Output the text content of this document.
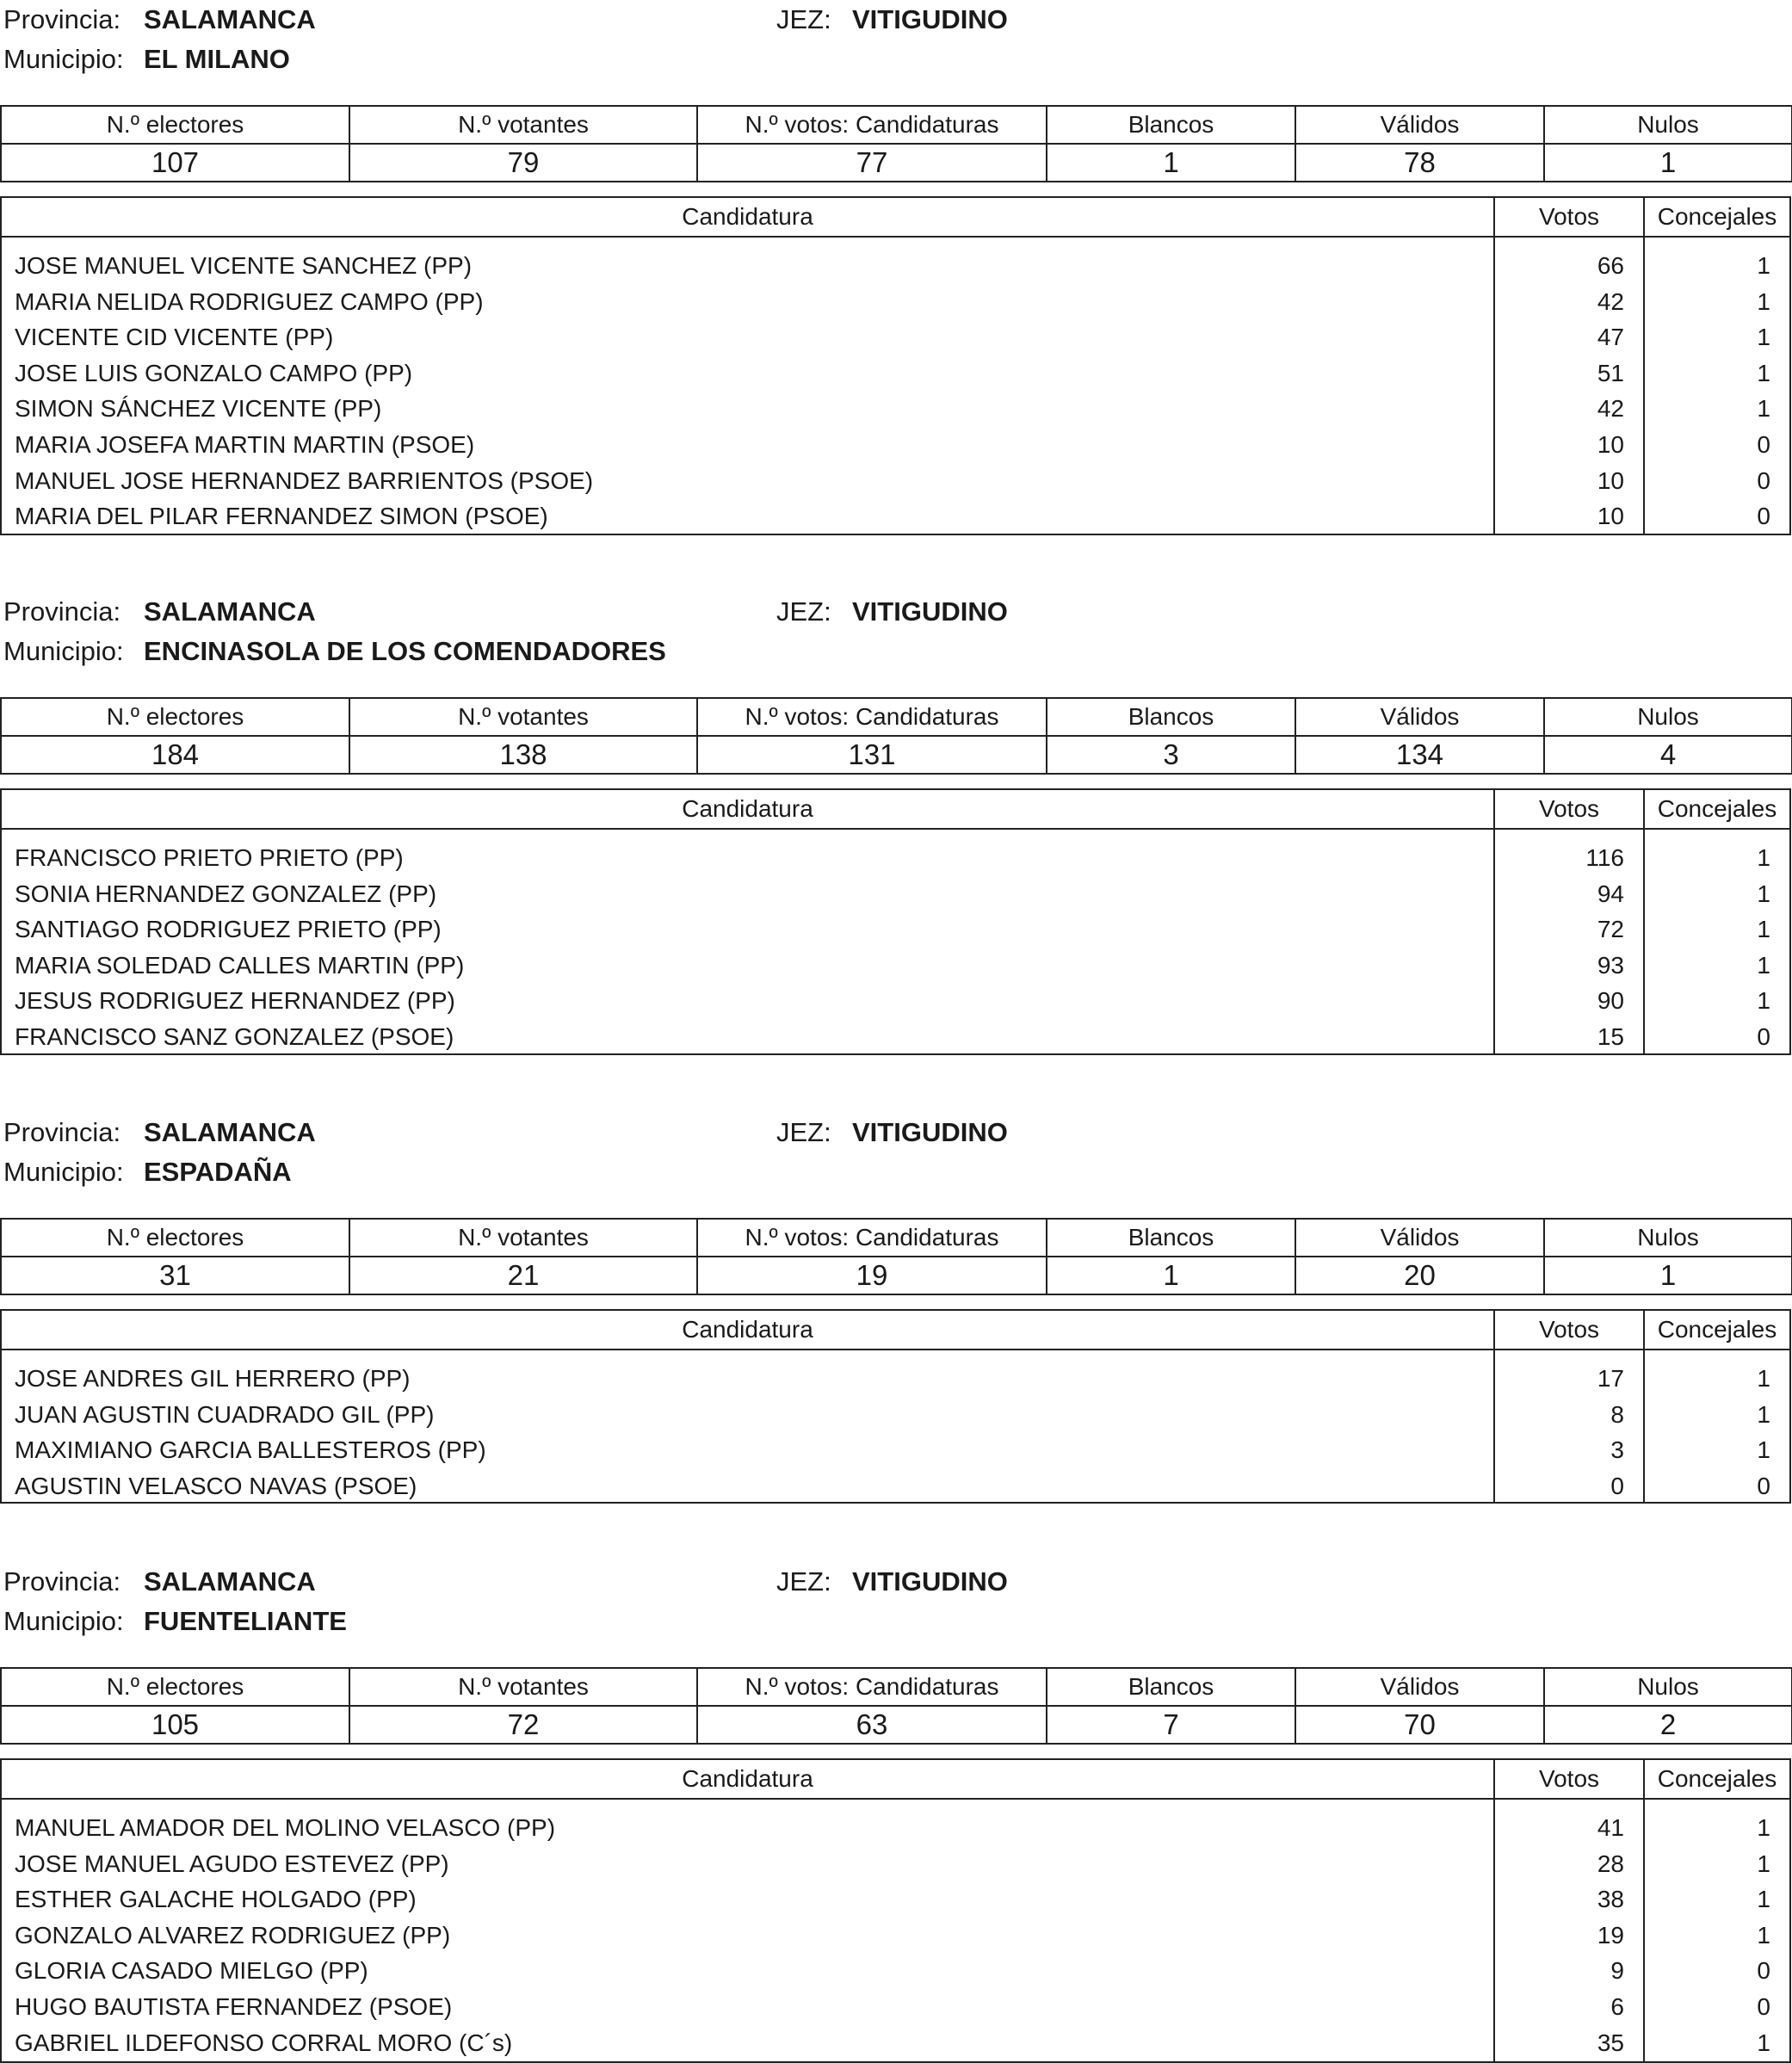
Provincia: SALAMANCA	JEZ: VITIGUDINO
Municipio: EL MILANO
N.º electores	N.º votantes	N.º votos: Candidaturas	Blancos	Válidos	Nulos
107	79	77	1	78	1
Candidatura	Votos	Concejales
JOSE MANUEL VICENTE SANCHEZ (PP)	66	1
MARIA NELIDA RODRIGUEZ CAMPO (PP)	42	1
VICENTE CID VICENTE (PP)	47	1
JOSE LUIS GONZALO CAMPO (PP)	51	1
SIMON SÁNCHEZ VICENTE (PP)	42	1
MARIA JOSEFA MARTIN MARTIN (PSOE)	10	0
MANUEL JOSE HERNANDEZ BARRIENTOS (PSOE)	10	0
MARIA DEL PILAR FERNANDEZ SIMON (PSOE)	10	0
Provincia: SALAMANCA	JEZ: VITIGUDINO
Municipio: ENCINASOLA DE LOS COMENDADORES
N.º electores	N.º votantes	N.º votos: Candidaturas	Blancos	Válidos	Nulos
184	138	131	3	134	4
Candidatura	Votos	Concejales
FRANCISCO PRIETO PRIETO (PP)	116	1
SONIA HERNANDEZ GONZALEZ (PP)	94	1
SANTIAGO RODRIGUEZ PRIETO (PP)	72	1
MARIA SOLEDAD CALLES MARTIN (PP)	93	1
JESUS RODRIGUEZ HERNANDEZ (PP)	90	1
FRANCISCO SANZ GONZALEZ (PSOE)	15	0
Provincia: SALAMANCA	JEZ: VITIGUDINO
Municipio: ESPADAÑA
N.º electores	N.º votantes	N.º votos: Candidaturas	Blancos	Válidos	Nulos
31	21	19	1	20	1
Candidatura	Votos	Concejales
JOSE ANDRES GIL HERRERO (PP)	17	1
JUAN AGUSTIN CUADRADO GIL (PP)	8	1
MAXIMIANO GARCIA BALLESTEROS (PP)	3	1
AGUSTIN VELASCO NAVAS (PSOE)	0	0
Provincia: SALAMANCA	JEZ: VITIGUDINO
Municipio: FUENTELIANTE
N.º electores	N.º votantes	N.º votos: Candidaturas	Blancos	Válidos	Nulos
105	72	63	7	70	2
Candidatura	Votos	Concejales
MANUEL AMADOR DEL MOLINO VELASCO (PP)	41	1
JOSE MANUEL AGUDO ESTEVEZ (PP)	28	1
ESTHER GALACHE HOLGADO (PP)	38	1
GONZALO ALVAREZ RODRIGUEZ (PP)	19	1
GLORIA CASADO MIELGO (PP)	9	0
HUGO BAUTISTA FERNANDEZ (PSOE)	6	0
GABRIEL ILDEFONSO CORRAL MORO (C´s)	35	1
